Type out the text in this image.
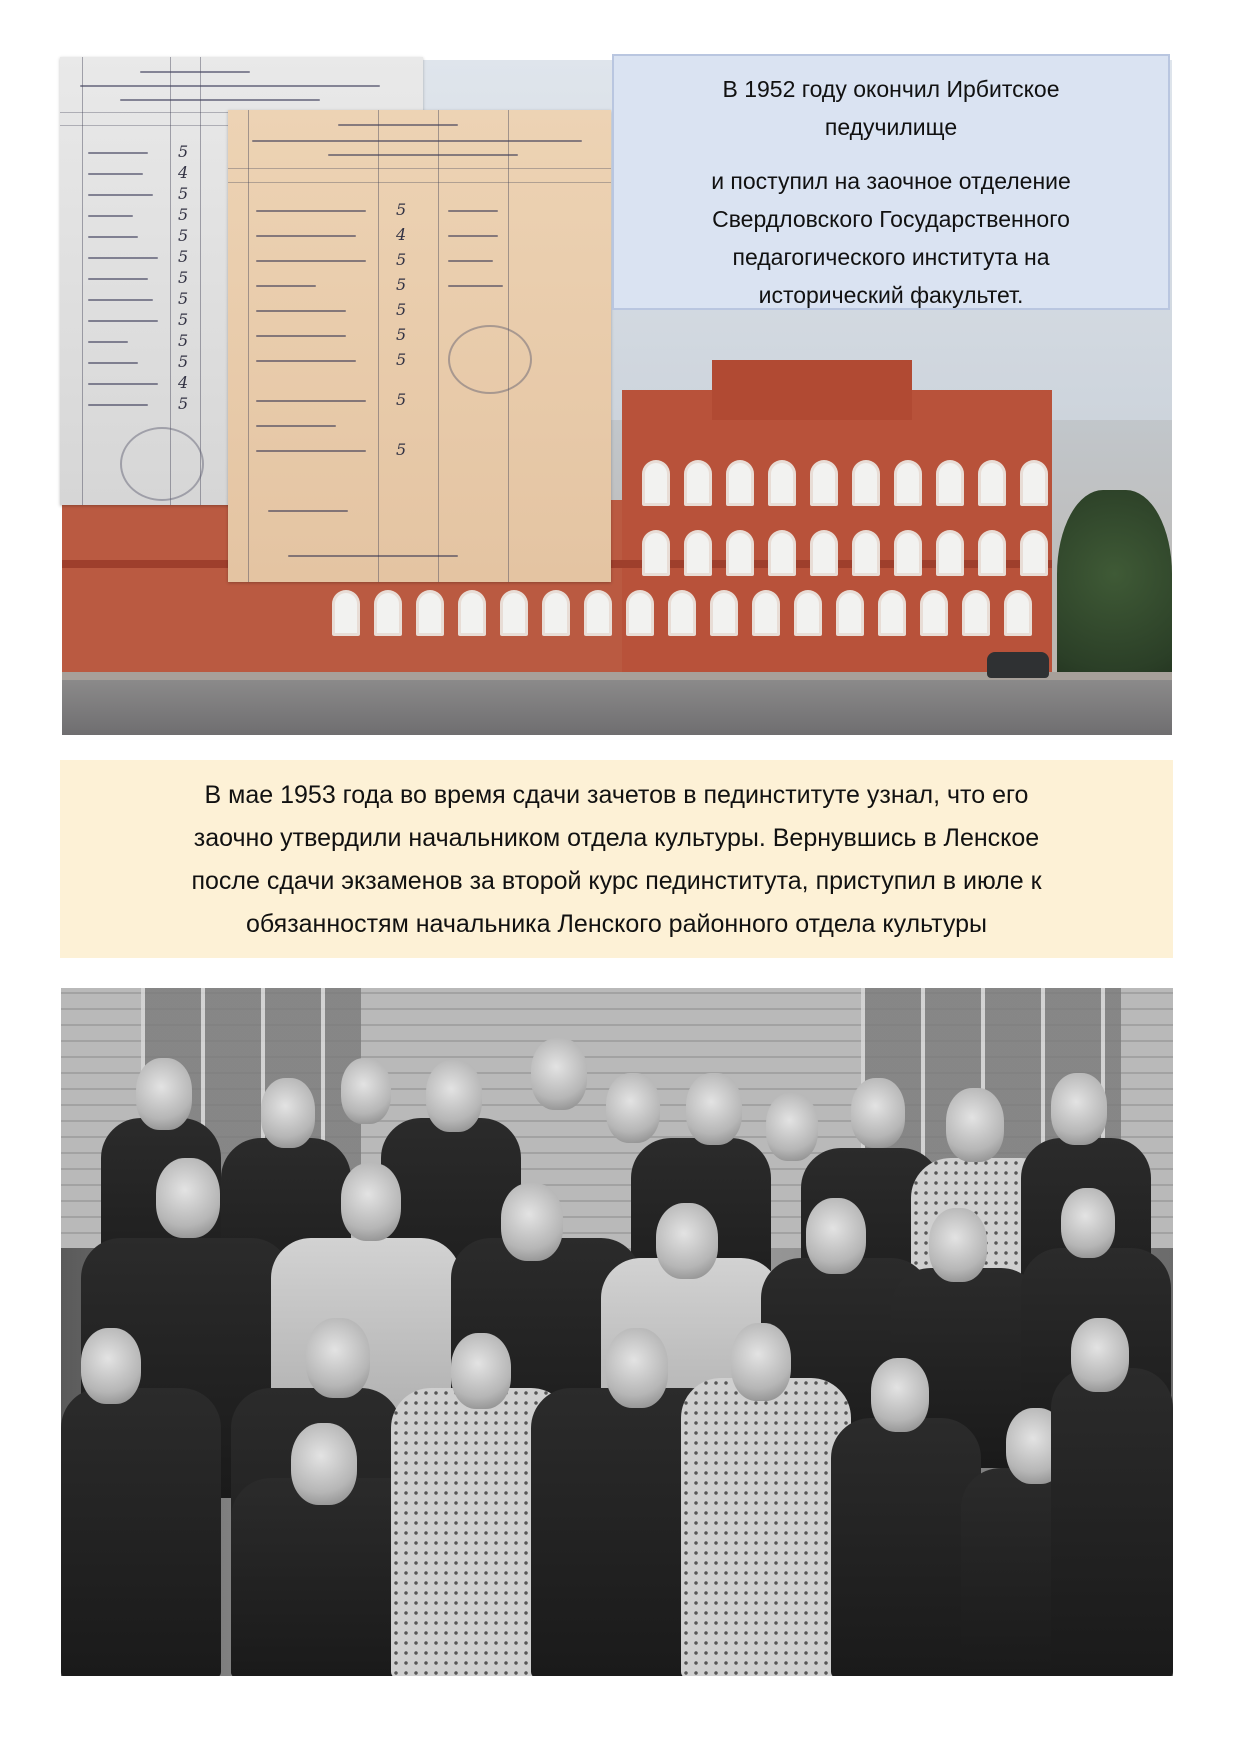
5
4
5
5
5
5
5
5
5
5
5
4
5
5
4
5
5
5
5
5
5
5

В 1952 году окончил Ирбитское

педучилище

и поступил на заочное отделение

Свердловского Государственного

педагогического института на

исторический факультет.

В мае 1953 года во время сдачи зачетов в пединституте узнал, что его
заочно утвердили начальником отдела культуры. Вернувшись в Ленское
после сдачи экзаменов за второй курс пединститута, приступил в июле к
обязанностям начальника Ленского районного отдела культуры
